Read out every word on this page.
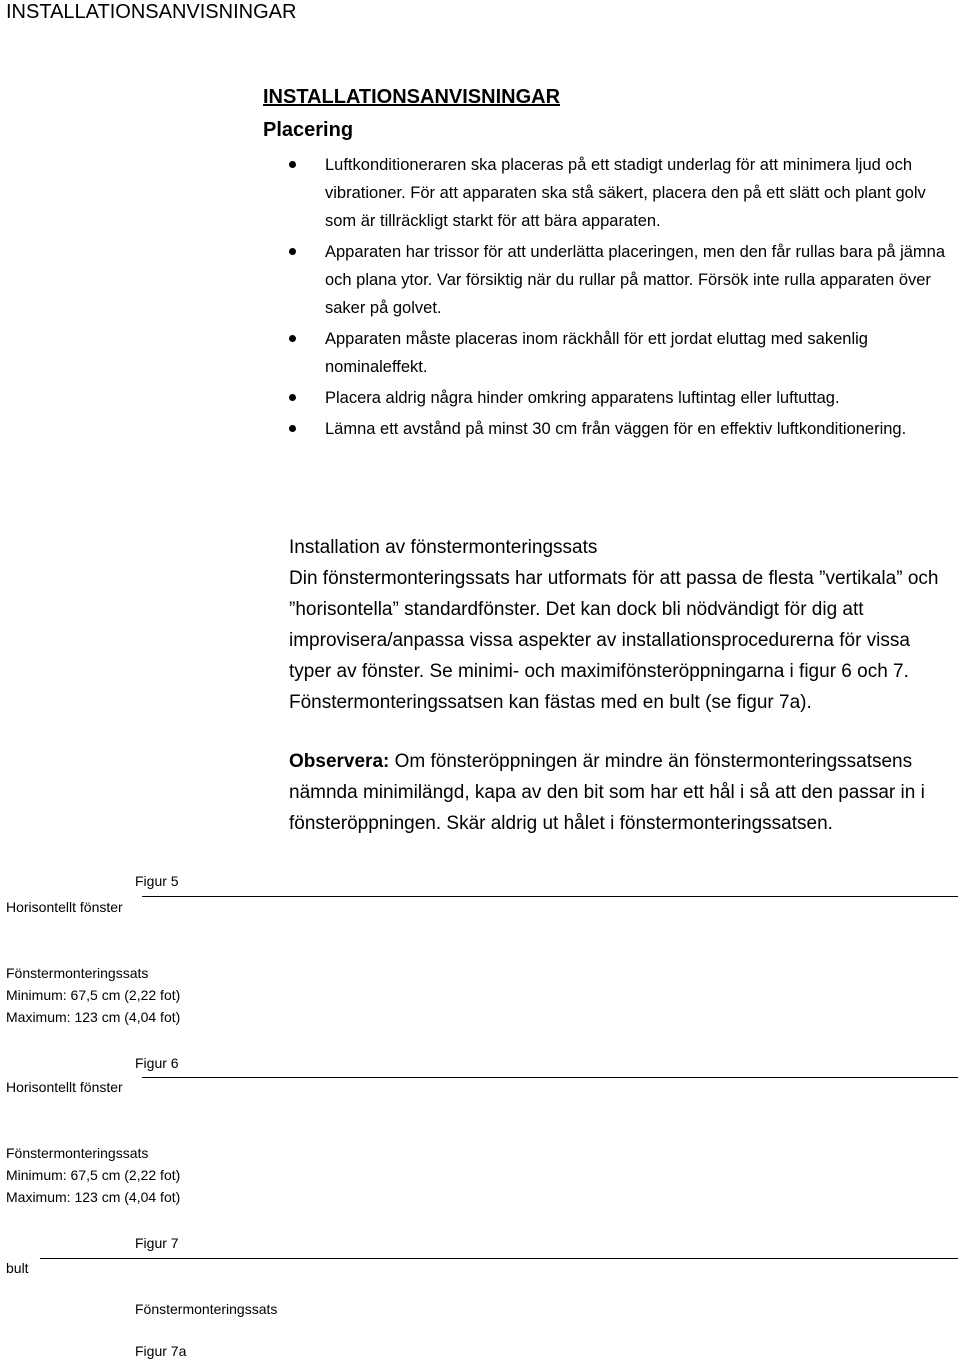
INSTALLATIONSANVISNINGAR
INSTALLATIONSANVISNINGAR
Placering
Luftkonditioneraren ska placeras på ett stadigt underlag för att minimera ljud och vibrationer. För att apparaten ska stå säkert, placera den på ett slätt och plant golv som är tillräckligt starkt för att bära apparaten.
Apparaten har trissor för att underlätta placeringen, men den får rullas bara på jämna och plana ytor. Var försiktig när du rullar på mattor. Försök inte rulla apparaten över saker på golvet.
Apparaten måste placeras inom räckhåll för ett jordat eluttag med sakenlig nominaleffekt.
Placera aldrig några hinder omkring apparatens luftintag eller luftuttag.
Lämna ett avstånd på minst 30 cm från väggen för en effektiv luftkonditionering.
Installation av fönstermonteringssats
Din fönstermonteringssats har utformats för att passa de flesta ”vertikala” och ”horisontella” standardfönster. Det kan dock bli nödvändigt för dig att improvisera/anpassa vissa aspekter av installationsprocedurerna för vissa typer av fönster. Se minimi- och maximifönsteröppningarna i figur 6 och 7. Fönstermonteringssatsen kan fästas med en bult (se figur 7a).
Observera: Om fönsteröppningen är mindre än fönstermonteringssatsens nämnda minimilängd, kapa av den bit som har ett hål i så att den passar in i fönsteröppningen. Skär aldrig ut hålet i fönstermonteringssatsen.
Figur 5
Horisontellt fönster
Fönstermonteringssats
Minimum: 67,5 cm (2,22 fot)
Maximum: 123 cm (4,04 fot)
Figur 6
Horisontellt fönster
Fönstermonteringssats
Minimum: 67,5 cm (2,22 fot)
Maximum: 123 cm (4,04 fot)
Figur 7
bult
Fönstermonteringssats
Figur 7a
